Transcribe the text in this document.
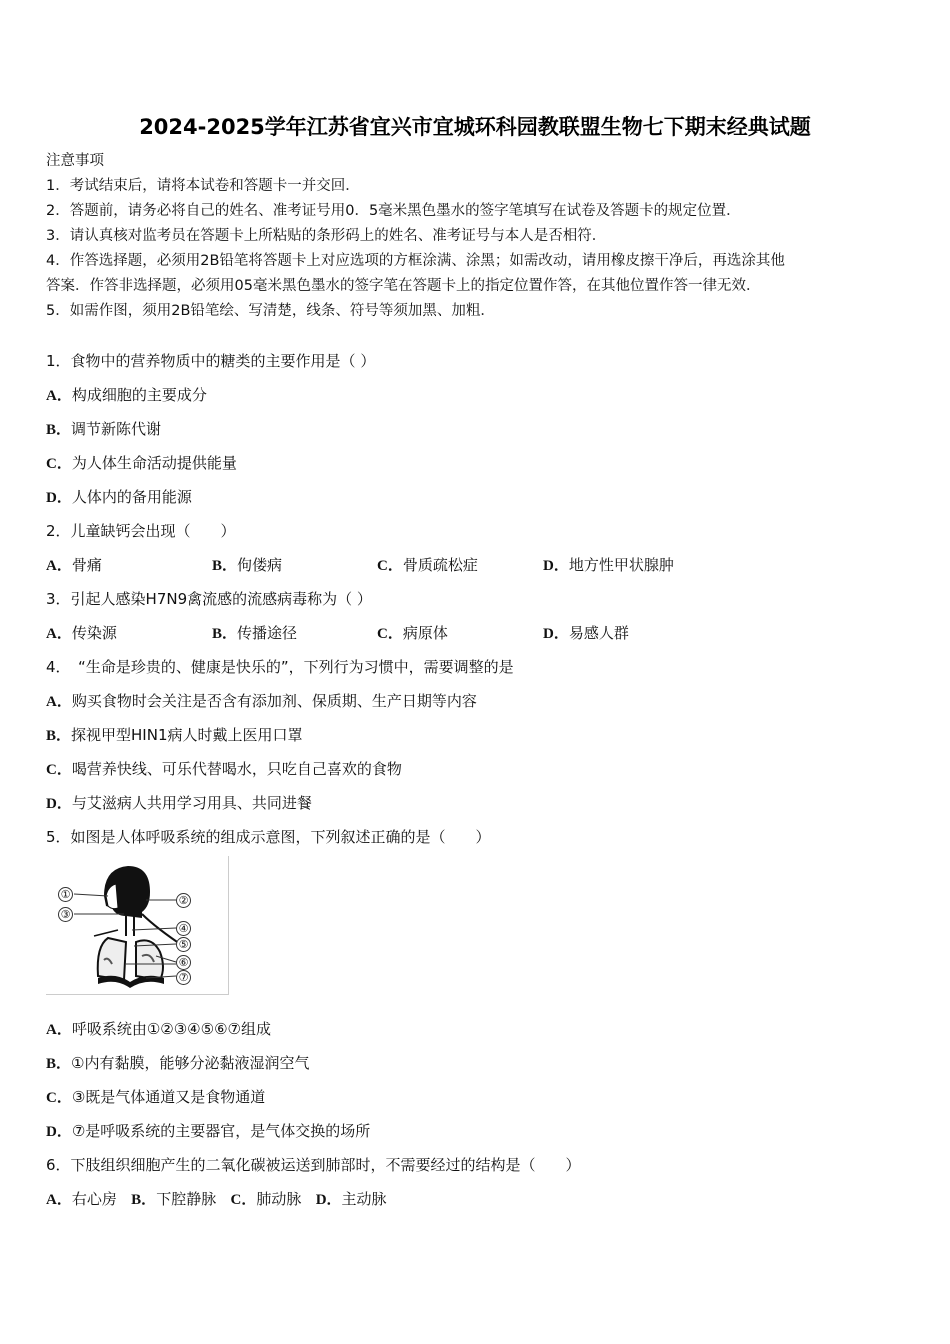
2024-2025学年江苏省宜兴市宜城环科园教联盟生物七下期末经典试题
注意事项
1．考试结束后，请将本试卷和答题卡一并交回．
2．答题前，请务必将自己的姓名、准考证号用0．5毫米黑色墨水的签字笔填写在试卷及答题卡的规定位置．
3．请认真核对监考员在答题卡上所粘贴的条形码上的姓名、准考证号与本人是否相符．
4．作答选择题，必须用2B铅笔将答题卡上对应选项的方框涂满、涂黑；如需改动，请用橡皮擦干净后，再选涂其他
答案．作答非选择题，必须用05毫米黑色墨水的签字笔在答题卡上的指定位置作答，在其他位置作答一律无效．
5．如需作图，须用2B铅笔绘、写清楚，线条、符号等须加黑、加粗．
1．食物中的营养物质中的糖类的主要作用是（ ）
A．构成细胞的主要成分
B．调节新陈代谢
C．为人体生命活动提供能量
D．人体内的备用能源
2．儿童缺钙会出现（　　）
A．骨痛	B．佝偻病	C．骨质疏松症	D．地方性甲状腺肿
3．引起人感染H7N9禽流感的流感病毒称为（ ）
A．传染源	B．传播途径	C．病原体	D．易感人群
4．　“生命是珍贵的、健康是快乐的”，下列行为习惯中，需要调整的是
A．购买食物时会关注是否含有添加剂、保质期、生产日期等内容
B．探视甲型HIN1病人时戴上医用口罩
C．喝营养快线、可乐代替喝水，只吃自己喜欢的食物
D．与艾滋病人共用学习用具、共同进餐
5．如图是人体呼吸系统的组成示意图，下列叙述正确的是（　　）
①	②
③
④
⑤
⑥
⑦
A．呼吸系统由①②③④⑤⑥⑦组成
B．①内有黏膜，能够分泌黏液湿润空气
C．③既是气体通道又是食物通道
D．⑦是呼吸系统的主要器官，是气体交换的场所
6．下肢组织细胞产生的二氧化碳被运送到肺部时，不需要经过的结构是（　　）
A．右心房 B．下腔静脉 C．肺动脉 D．主动脉
